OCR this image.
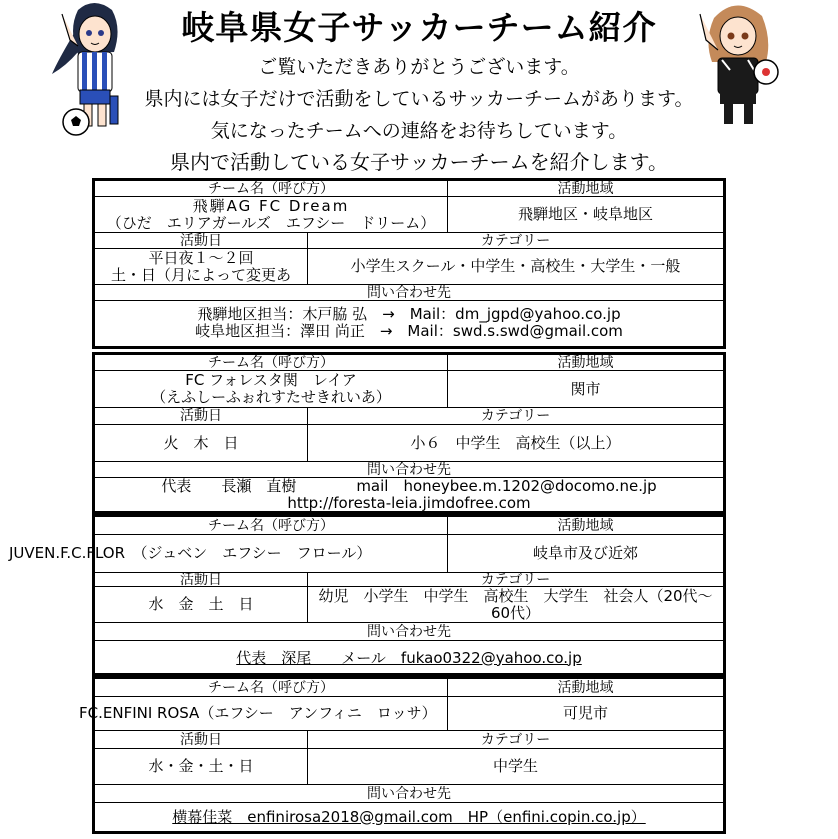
岐阜県女子サッカーチーム紹介
ご覧いただきありがとうございます。
県内には女子だけで活動をしているサッカーチームがあります。
気になったチームへの連絡をお待ちしています。
県内で活動している女子サッカーチームを紹介します。
チーム名（呼び方）	活動地域
飛騨AG FC Dream
（ひだ　エリアガールズ　エフシー　ドリーム）	飛騨地区・岐阜地区
活動日	カテゴリー
平日夜１～２回
土・日（月によって変更あ	小学生スクール・中学生・高校生・大学生・一般
問い合わせ先
飛騨地区担当：木戸脇 弘　→　Mail：dm_jgpd@yahoo.co.jp
岐阜地区担当：澤田 尚正　→　Mail：swd.s.swd@gmail.com
チーム名（呼び方）	活動地域
FC フォレスタ関　レイア
（えふしーふぉれすたせきれいあ）	関市
活動日	カテゴリー
火　木　日	小６　中学生　高校生（以上）
問い合わせ先
代表　　長瀬　直樹　　　　mail　honeybee.m.1202@docomo.ne.jp
http://foresta-leia.jimdofree.com
チーム名（呼び方）	活動地域
JUVEN.F.C.FLOR　（ジュベン　エフシー　フロール）	岐阜市及び近郊
活動日	カテゴリー
水　金　土　日	幼児　小学生　中学生　高校生　大学生　社会人（20代～
60代）
問い合わせ先
代表　深尾　　メール　fukao0322@yahoo.co.jp
チーム名（呼び方）	活動地域
FC.ENFINI ROSA（エフシー　アンフィニ　ロッサ）	可児市
活動日	カテゴリー
水・金・土・日	中学生
問い合わせ先
横幕佳菜　enfinirosa2018@gmail.com　HP（enfini.copin.co.jp）
